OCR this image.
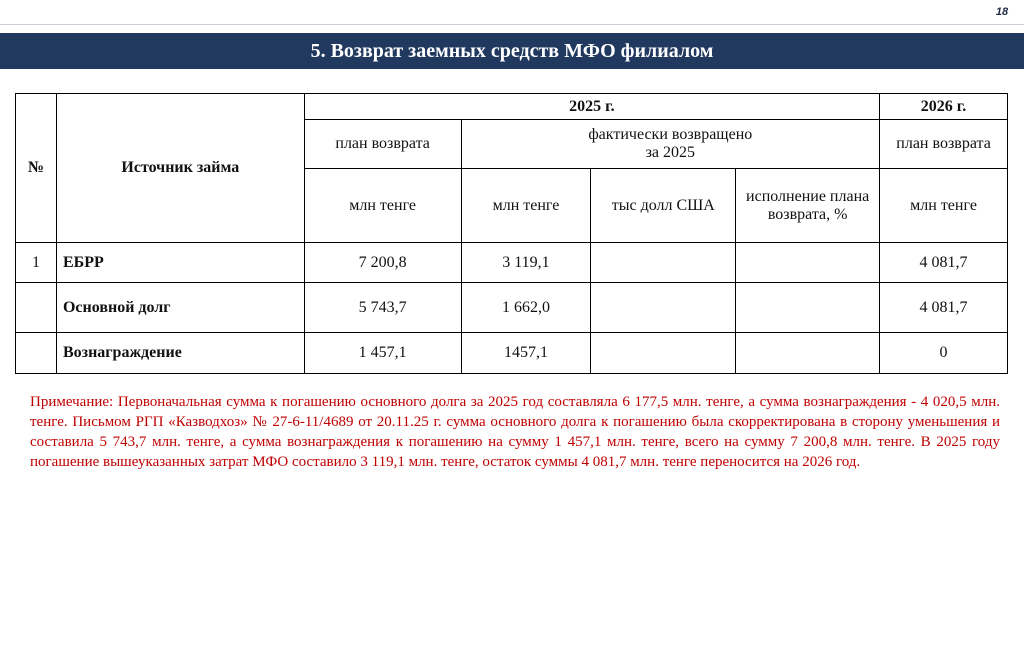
18
5. Возврат заемных средств МФО филиалом
№	Источник займа	2025 г.				2026 г.
		план возврата	фактически возвращено
за 2025			план возврата
		млн тенге	млн тенге	тыс долл США	исполнение плана возврата, %	млн тенге
1	ЕБРР	7 200,8	3 119,1			4 081,7
	Основной долг	5 743,7	1 662,0			4 081,7
	Вознаграждение	1 457,1	1457,1			0
Примечание: Первоначальная сумма к погашению основного долга за 2025 год составляла 6 177,5 млн. тенге, а сумма вознаграждения - 4 020,5 млн. тенге. Письмом РГП «Казводхоз» № 27-6-11/4689 от 20.11.25 г. сумма основного долга к погашению была скорректирована в сторону уменьшения и составила 5 743,7 млн. тенге, а сумма вознаграждения к погашению на сумму 1 457,1 млн. тенге, всего на сумму 7 200,8 млн. тенге. В 2025 году погашение вышеуказанных затрат МФО составило 3 119,1 млн. тенге, остаток суммы 4 081,7 млн. тенге переносится на 2026 год.
